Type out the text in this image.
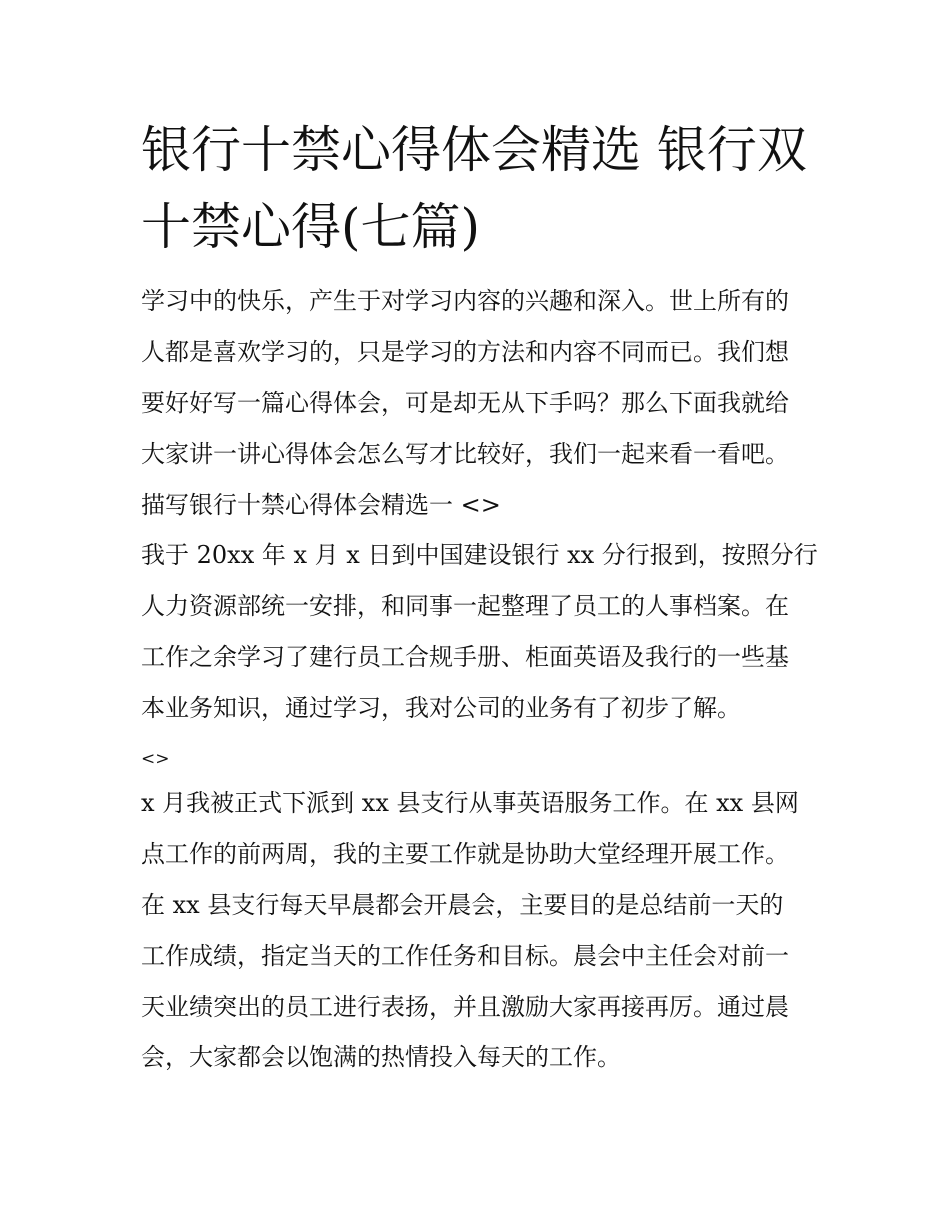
银行十禁心得体会精选 银行双
十禁心得(七篇)
学习中的快乐，产生于对学习内容的兴趣和深入。世上所有的
人都是喜欢学习的，只是学习的方法和内容不同而已。我们想
要好好写一篇心得体会，可是却无从下手吗？那么下面我就给
大家讲一讲心得体会怎么写才比较好，我们一起来看一看吧。
描写银行十禁心得体会精选一 <>
我于 20xx 年 x 月 x 日到中国建设银行 xx 分行报到，按照分行
人力资源部统一安排，和同事一起整理了员工的人事档案。在
工作之余学习了建行员工合规手册、柜面英语及我行的一些基
本业务知识，通过学习，我对公司的业务有了初步了解。
<>
x 月我被正式下派到 xx 县支行从事英语服务工作。在 xx 县网
点工作的前两周，我的主要工作就是协助大堂经理开展工作。
在 xx 县支行每天早晨都会开晨会，主要目的是总结前一天的
工作成绩，指定当天的工作任务和目标。晨会中主任会对前一
天业绩突出的员工进行表扬，并且激励大家再接再厉。通过晨
会，大家都会以饱满的热情投入每天的工作。
